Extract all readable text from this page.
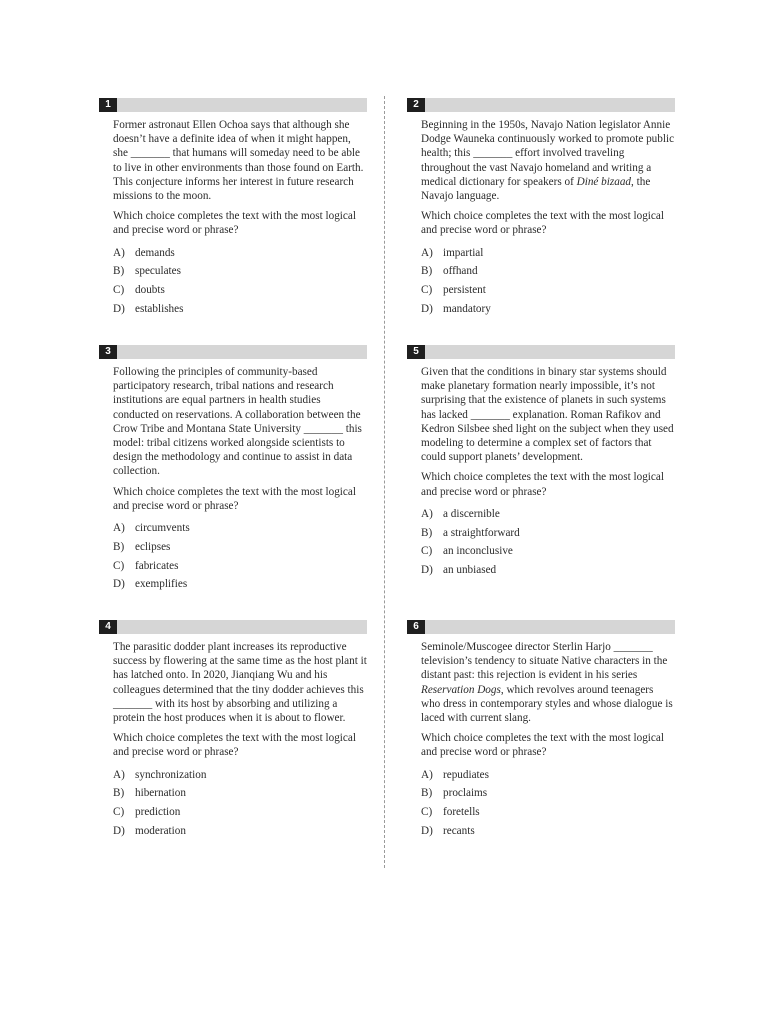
1

Former astronaut Ellen Ochoa says that although she doesn’t have a definite idea of when it might happen, she _______ that humans will someday need to be able to live in other environments than those found on Earth. This conjecture informs her interest in future research missions to the moon.

Which choice completes the text with the most logical and precise word or phrase?

A) demands
B) speculates
C) doubts
D) establishes
2

Beginning in the 1950s, Navajo Nation legislator Annie Dodge Wauneka continuously worked to promote public health; this _______ effort involved traveling throughout the vast Navajo homeland and writing a medical dictionary for speakers of Diné bizaad, the Navajo language.

Which choice completes the text with the most logical and precise word or phrase?

A) impartial
B) offhand
C) persistent
D) mandatory
3

Following the principles of community-based participatory research, tribal nations and research institutions are equal partners in health studies conducted on reservations. A collaboration between the Crow Tribe and Montana State University _______ this model: tribal citizens worked alongside scientists to design the methodology and continue to assist in data collection.

Which choice completes the text with the most logical and precise word or phrase?

A) circumvents
B) eclipses
C) fabricates
D) exemplifies
5

Given that the conditions in binary star systems should make planetary formation nearly impossible, it’s not surprising that the existence of planets in such systems has lacked _______ explanation. Roman Rafikov and Kedron Silsbee shed light on the subject when they used modeling to determine a complex set of factors that could support planets’ development.

Which choice completes the text with the most logical and precise word or phrase?

A) a discernible
B) a straightforward
C) an inconclusive
D) an unbiased
4

The parasitic dodder plant increases its reproductive success by flowering at the same time as the host plant it has latched onto. In 2020, Jianqiang Wu and his colleagues determined that the tiny dodder achieves this _______ with its host by absorbing and utilizing a protein the host produces when it is about to flower.

Which choice completes the text with the most logical and precise word or phrase?

A) synchronization
B) hibernation
C) prediction
D) moderation
6

Seminole/Muscogee director Sterlin Harjo _______ television’s tendency to situate Native characters in the distant past: this rejection is evident in his series Reservation Dogs, which revolves around teenagers who dress in contemporary styles and whose dialogue is laced with current slang.

Which choice completes the text with the most logical and precise word or phrase?

A) repudiates
B) proclaims
C) foretells
D) recants
